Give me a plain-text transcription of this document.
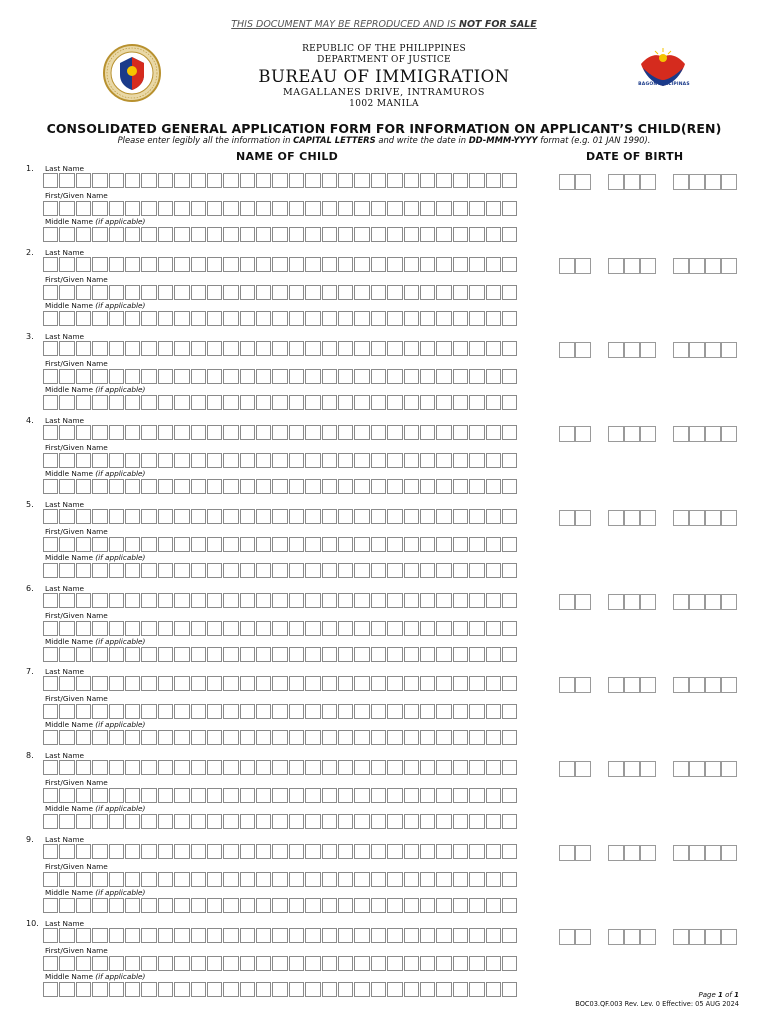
THIS DOCUMENT MAY BE REPRODUCED AND IS NOT FOR SALE
REPUBLIC OF THE PHILIPPINES
DEPARTMENT OF JUSTICE
BUREAU OF IMMIGRATION
MAGALLANES DRIVE, INTRAMUROS
1002 MANILA
BAGONG PILIPINAS
CONSOLIDATED GENERAL APPLICATION FORM FOR INFORMATION ON APPLICANT’S CHILD(REN)
Please enter legibly all the information in CAPITAL LETTERS and write the date in DD-MMM-YYYY format (e.g. 01 JAN 1990).
NAME OF CHILD	DATE OF BIRTH
1. Last Name
First/Given Name
Middle Name (if applicable)
2. Last Name
First/Given Name
Middle Name (if applicable)
3. Last Name
First/Given Name
Middle Name (if applicable)
4. Last Name
First/Given Name
Middle Name (if applicable)
5. Last Name
First/Given Name
Middle Name (if applicable)
6. Last Name
First/Given Name
Middle Name (if applicable)
7. Last Name
First/Given Name
Middle Name (if applicable)
8. Last Name
First/Given Name
Middle Name (if applicable)
9. Last Name
First/Given Name
Middle Name (if applicable)
10. Last Name
First/Given Name
Middle Name (if applicable)
Page 1 of 1
BOC03.QF.003 Rev. Lev. 0 Effective: 05 AUG 2024
